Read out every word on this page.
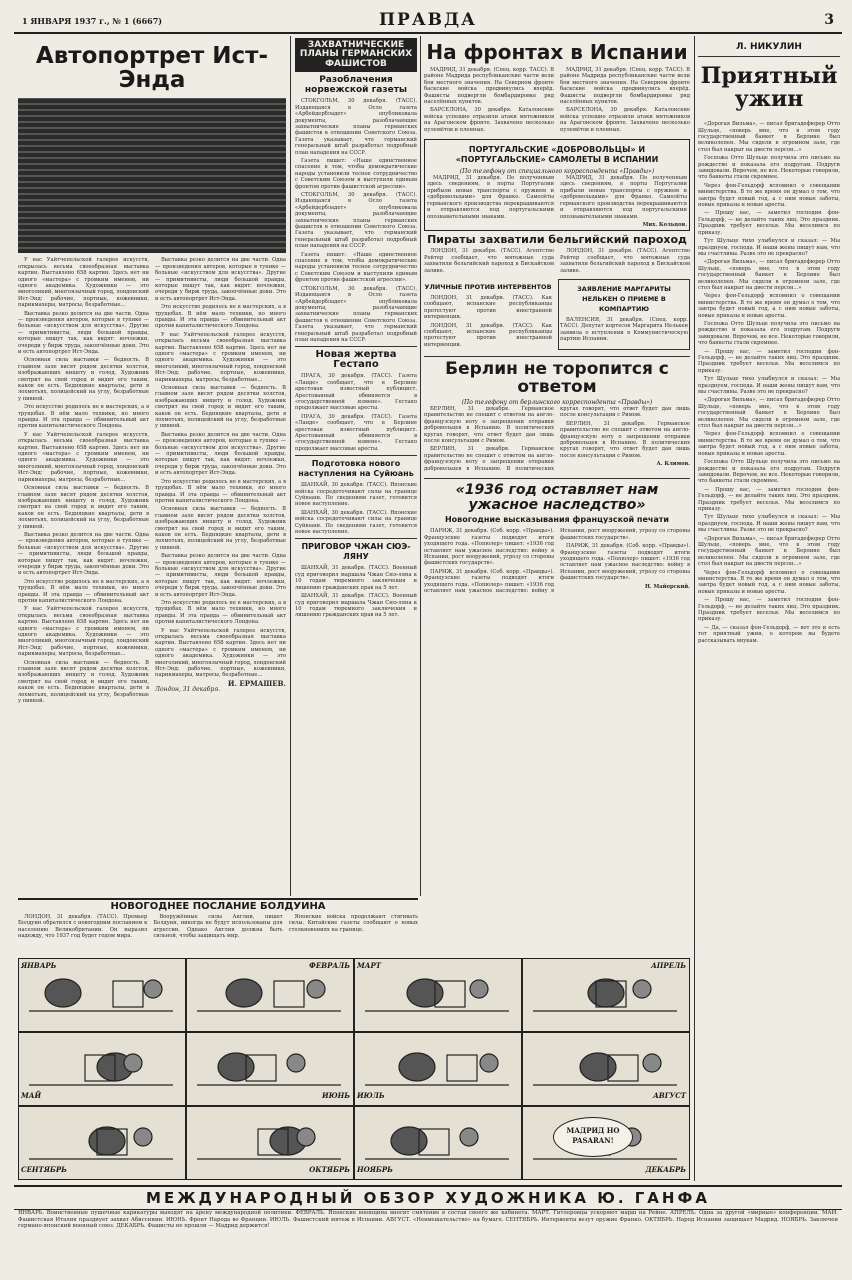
1 ЯНВАРЯ 1937 г., № 1 (6667)	ПРАВДА	3
Автопортрет Ист-Энда

У нас Уайтчепельской галерее искусств, открылась весьма своеобразная выставка картин. Выставлено 658 картин. Здесь нет ни одного «мастера» с громким именем, ни одного академика. Художники — это многоликий, многоязычный город, лондонский Ист-Энд: рабочие, портные, кожевники, парикмахеры, матросы, безработные...

Выставка резко делится на две части. Одна — произведения авторов, которые в тупике — больные «искусством для искусства». Другие — примитивисты, люди большой правды, которые пишут так, как видят: ночлежки, очереди у бирж труда, закопчённые доки. Это и есть автопортрет Ист-Энда.

Основная сила выставки — бедность. В главном зале висят рядом десятки холстов, изображающих нищету и голод. Художник смотрит на свой город и видит его таким, каков он есть. Бедняцкие кварталы, дети в лохмотьях, полицейский на углу, безработные у пивной.

Это искусство родилось не в мастерских, а в трущобах. В нём мало техники, но много правды. И эта правда — обвинительный акт против капиталистического Лондона.

У нас Уайтчепельской галерее искусств, открылась весьма своеобразная выставка картин. Выставлено 658 картин. Здесь нет ни одного «мастера» с громким именем, ни одного академика. Художники — это многоликий, многоязычный город, лондонский Ист-Энд: рабочие, портные, кожевники, парикмахеры, матросы, безработные...

Основная сила выставки — бедность. В главном зале висят рядом десятки холстов, изображающих нищету и голод. Художник смотрит на свой город и видит его таким, каков он есть. Бедняцкие кварталы, дети в лохмотьях, полицейский на углу, безработные у пивной.

Выставка резко делится на две части. Одна — произведения авторов, которые в тупике — больные «искусством для искусства». Другие — примитивисты, люди большой правды, которые пишут так, как видят: ночлежки, очереди у бирж труда, закопчённые доки. Это и есть автопортрет Ист-Энда.

Это искусство родилось не в мастерских, а в трущобах. В нём мало техники, но много правды. И эта правда — обвинительный акт против капиталистического Лондона.

У нас Уайтчепельской галерее искусств, открылась весьма своеобразная выставка картин. Выставлено 658 картин. Здесь нет ни одного «мастера» с громким именем, ни одного академика. Художники — это многоликий, многоязычный город, лондонский Ист-Энд: рабочие, портные, кожевники, парикмахеры, матросы, безработные...

Основная сила выставки — бедность. В главном зале висят рядом десятки холстов, изображающих нищету и голод. Художник смотрит на свой город и видит его таким, каков он есть. Бедняцкие кварталы, дети в лохмотьях, полицейский на углу, безработные у пивной.

Выставка резко делится на две части. Одна — произведения авторов, которые в тупике — больные «искусством для искусства». Другие — примитивисты, люди большой правды, которые пишут так, как видят: ночлежки, очереди у бирж труда, закопчённые доки. Это и есть автопортрет Ист-Энда.

Это искусство родилось не в мастерских, а в трущобах. В нём мало техники, но много правды. И эта правда — обвинительный акт против капиталистического Лондона.

У нас Уайтчепельской галерее искусств, открылась весьма своеобразная выставка картин. Выставлено 658 картин. Здесь нет ни одного «мастера» с громким именем, ни одного академика. Художники — это многоликий, многоязычный город, лондонский Ист-Энд: рабочие, портные, кожевники, парикмахеры, матросы, безработные...

Основная сила выставки — бедность. В главном зале висят рядом десятки холстов, изображающих нищету и голод. Художник смотрит на свой город и видит его таким, каков он есть. Бедняцкие кварталы, дети в лохмотьях, полицейский на углу, безработные у пивной.

Выставка резко делится на две части. Одна — произведения авторов, которые в тупике — больные «искусством для искусства». Другие — примитивисты, люди большой правды, которые пишут так, как видят: ночлежки, очереди у бирж труда, закопчённые доки. Это и есть автопортрет Ист-Энда.

Это искусство родилось не в мастерских, а в трущобах. В нём мало техники, но много правды. И эта правда — обвинительный акт против капиталистического Лондона.

Основная сила выставки — бедность. В главном зале висят рядом десятки холстов, изображающих нищету и голод. Художник смотрит на свой город и видит его таким, каков он есть. Бедняцкие кварталы, дети в лохмотьях, полицейский на углу, безработные у пивной.

Выставка резко делится на две части. Одна — произведения авторов, которые в тупике — больные «искусством для искусства». Другие — примитивисты, люди большой правды, которые пишут так, как видят: ночлежки, очереди у бирж труда, закопчённые доки. Это и есть автопортрет Ист-Энда.

Это искусство родилось не в мастерских, а в трущобах. В нём мало техники, но много правды. И эта правда — обвинительный акт против капиталистического Лондона.

У нас Уайтчепельской галерее искусств, открылась весьма своеобразная выставка картин. Выставлено 658 картин. Здесь нет ни одного «мастера» с громким именем, ни одного академика. Художники — это многоликий, многоязычный город, лондонский Ист-Энд: рабочие, портные, кожевники, парикмахеры, матросы, безработные...

И. ЕРМАШЕВ.
Лондон, 31 декабря.
ЗАХВАТНИЧЕСКИЕ ПЛАНЫ ГЕРМАНСКИХ ФАШИСТОВ
Разоблачения норвежской газеты

СТОКГОЛЬМ, 30 декабря. (ТАСС). Издающаяся в Осло газета «Арбейдербладет» опубликовала документы, разоблачающие захватнические планы германских фашистов в отношении Советского Союза. Газета указывает, что германский генеральный штаб разработал подробный план нападения на СССР.

Газета пишет: «Наше единственное спасение в том, чтобы демократические народы установили тесное сотрудничество с Советским Союзом и выступили единым фронтом против фашистской агрессии».

СТОКГОЛЬМ, 30 декабря. (ТАСС). Издающаяся в Осло газета «Арбейдербладет» опубликовала документы, разоблачающие захватнические планы германских фашистов в отношении Советского Союза. Газета указывает, что германский генеральный штаб разработал подробный план нападения на СССР.

Газета пишет: «Наше единственное спасение в том, чтобы демократические народы установили тесное сотрудничество с Советским Союзом и выступили единым фронтом против фашистской агрессии».

СТОКГОЛЬМ, 30 декабря. (ТАСС). Издающаяся в Осло газета «Арбейдербладет» опубликовала документы, разоблачающие захватнические планы германских фашистов в отношении Советского Союза. Газета указывает, что германский генеральный штаб разработал подробный план нападения на СССР.

Новая жертва Гестапо

ПРАГА, 30 декабря. (ТАСС). Газета «Ланде» сообщает, что в Берлине арестован известный публицист. Арестованный обвиняется в «государственной измене». Гестапо продолжает массовые аресты.

ПРАГА, 30 декабря. (ТАСС). Газета «Ланде» сообщает, что в Берлине арестован известный публицист. Арестованный обвиняется в «государственной измене». Гестапо продолжает массовые аресты.

Подготовка нового наступления на Суйюань

ШАНХАЙ, 30 декабря. (ТАСС). Японские войска сосредоточивают силы на границе Суйюани. По сведениям газет, готовится новое наступление.

ШАНХАЙ, 30 декабря. (ТАСС). Японские войска сосредоточивают силы на границе Суйюани. По сведениям газет, готовится новое наступление.

ПРИГОВОР ЧЖАН СЮЭ-ЛЯНУ

ШАНХАЙ, 31 декабря. (ТАСС). Военный суд приговорил маршала Чжан Сюэ-ляна к 10 годам тюремного заключения и лишению гражданских прав на 5 лет.

ШАНХАЙ, 31 декабря. (ТАСС). Военный суд приговорил маршала Чжан Сюэ-ляна к 10 годам тюремного заключения и лишению гражданских прав на 5 лет.

На фронтах в Испании

МАДРИД, 31 декабря. (Спец. корр. ТАСС). В районе Мадрида республиканские части вели бои местного значения. На Северном фронте баскские войска продвинулись вперёд. Фашисты подвергли бомбардировке ряд населённых пунктов.

БАРСЕЛОНА, 30 декабря. Каталонские войска успешно отразили атаки мятежников на Арагонском фронте. Захвачено несколько пулемётов и пленные.

МАДРИД, 31 декабря. (Спец. корр. ТАСС). В районе Мадрида республиканские части вели бои местного значения. На Северном фронте баскские войска продвинулись вперёд. Фашисты подвергли бомбардировке ряд населённых пунктов.

БАРСЕЛОНА, 30 декабря. Каталонские войска успешно отразили атаки мятежников на Арагонском фронте. Захвачено несколько пулемётов и пленные.

ПОРТУГАЛЬСКИЕ «ДОБРОВОЛЬЦЫ» И «ПОРТУГАЛЬСКИЕ» САМОЛЕТЫ В ИСПАНИИ
(По телефону от специального корреспондента «Правды»)

МАДРИД, 31 декабря. По полученным здесь сведениям, в порты Португалии прибыли новые транспорты с оружием и «добровольцами» для Франко. Самолёты германского производства перекрашиваются и отправляются под португальскими опознавательными знаками.

МАДРИД, 31 декабря. По полученным здесь сведениям, в порты Португалии прибыли новые транспорты с оружием и «добровольцами» для Франко. Самолёты германского производства перекрашиваются и отправляются под португальскими опознавательными знаками.

Мих. Кольцов.
Пираты захватили бельгийский пароход

ЛОНДОН, 31 декабря. (ТАСС). Агентство Рейтер сообщает, что мятежные суда захватили бельгийский пароход в Бискайском заливе.

ЛОНДОН, 31 декабря. (ТАСС). Агентство Рейтер сообщает, что мятежные суда захватили бельгийский пароход в Бискайском заливе.

УЛИЧНЫЕ ПРОТИВ ИНТЕРВЕНТОВ

ЛОНДОН, 31 декабря. (ТАСС). Как сообщают, испанские республиканцы протестуют против иностранной интервенции.

ЛОНДОН, 31 декабря. (ТАСС). Как сообщают, испанские республиканцы протестуют против иностранной интервенции.

ЗАЯВЛЕНИЕ МАРГАРИТЫ НЕЛЬКЕН О ПРИЕМЕ В КОМПАРТИЮ

ВАЛЕНСИЯ, 31 декабря. (Спец. корр. ТАСС). Депутат кортесов Маргарита Нелькен заявила о вступлении в Коммунистическую партию Испании.

Берлин не торопится с ответом
(По телефону от берлинского корреспондента «Правды»)

БЕРЛИН, 31 декабря. Германское правительство не спешит с ответом на англо-французскую ноту о запрещении отправки добровольцев в Испанию. В политических кругах говорят, что ответ будет дан лишь после консультации с Римом.

БЕРЛИН, 31 декабря. Германское правительство не спешит с ответом на англо-французскую ноту о запрещении отправки добровольцев в Испанию. В политических кругах говорят, что ответ будет дан лишь после консультации с Римом.

БЕРЛИН, 31 декабря. Германское правительство не спешит с ответом на англо-французскую ноту о запрещении отправки добровольцев в Испанию. В политических кругах говорят, что ответ будет дан лишь после консультации с Римом.

А. Климов.
«1936 год оставляет нам ужасное наследство»
Новогодние высказывания французской печати

ПАРИЖ, 31 декабря. (Соб. корр. «Правды»). Французские газеты подводят итоги уходящего года. «Попюлер» пишет: «1936 год оставляет нам ужасное наследство: войну в Испании, рост вооружений, угрозу со стороны фашистских государств».

ПАРИЖ, 31 декабря. (Соб. корр. «Правды»). Французские газеты подводят итоги уходящего года. «Попюлер» пишет: «1936 год оставляет нам ужасное наследство: войну в Испании, рост вооружений, угрозу со стороны фашистских государств».

ПАРИЖ, 31 декабря. (Соб. корр. «Правды»). Французские газеты подводят итоги уходящего года. «Попюлер» пишет: «1936 год оставляет нам ужасное наследство: войну в Испании, рост вооружений, угрозу со стороны фашистских государств».

Н. Майорский.
Л. НИКУЛИН
Приятный ужин

«Дорогая Вильма», — писал бригадефюрер Отто Шульце, «поверь мне, что в этом году государственный банкет в Берлине был великолепен. Мы сидели в огромном зале, где стол был накрыт на двести персон...»

Госпожа Отто Шульце получила это письмо на рождество и показала его подругам. Подруги завидовали. Впрочем, не все. Некоторые говорили, что банкеты стали скромнее.

Через фон-Гельдорф вспомнил о совещании министерства. В то же время он думал о том, что завтра будет новый год, а с ним новые заботы, новые приказы и новые аресты.

— Прошу вас, — заметил господин фон-Гельдорф, — не делайте таких лиц. Это праздник. Праздник требует веселья. Мы веселимся по приказу.

Тут Шульце тихо улыбнулся и сказал: — Мы празднуем, господа. И наши жены пишут нам, что мы счастливы. Разве это не прекрасно?

«Дорогая Вильма», — писал бригадефюрер Отто Шульце, «поверь мне, что в этом году государственный банкет в Берлине был великолепен. Мы сидели в огромном зале, где стол был накрыт на двести персон...»

Через фон-Гельдорф вспомнил о совещании министерства. В то же время он думал о том, что завтра будет новый год, а с ним новые заботы, новые приказы и новые аресты.

Госпожа Отто Шульце получила это письмо на рождество и показала его подругам. Подруги завидовали. Впрочем, не все. Некоторые говорили, что банкеты стали скромнее.

— Прошу вас, — заметил господин фон-Гельдорф, — не делайте таких лиц. Это праздник. Праздник требует веселья. Мы веселимся по приказу.

Тут Шульце тихо улыбнулся и сказал: — Мы празднуем, господа. И наши жены пишут нам, что мы счастливы. Разве это не прекрасно?

«Дорогая Вильма», — писал бригадефюрер Отто Шульце, «поверь мне, что в этом году государственный банкет в Берлине был великолепен. Мы сидели в огромном зале, где стол был накрыт на двести персон...»

Через фон-Гельдорф вспомнил о совещании министерства. В то же время он думал о том, что завтра будет новый год, а с ним новые заботы, новые приказы и новые аресты.

Госпожа Отто Шульце получила это письмо на рождество и показала его подругам. Подруги завидовали. Впрочем, не все. Некоторые говорили, что банкеты стали скромнее.

— Прошу вас, — заметил господин фон-Гельдорф, — не делайте таких лиц. Это праздник. Праздник требует веселья. Мы веселимся по приказу.

Тут Шульце тихо улыбнулся и сказал: — Мы празднуем, господа. И наши жены пишут нам, что мы счастливы. Разве это не прекрасно?

«Дорогая Вильма», — писал бригадефюрер Отто Шульце, «поверь мне, что в этом году государственный банкет в Берлине был великолепен. Мы сидели в огромном зале, где стол был накрыт на двести персон...»

Через фон-Гельдорф вспомнил о совещании министерства. В то же время он думал о том, что завтра будет новый год, а с ним новые заботы, новые приказы и новые аресты.

— Прошу вас, — заметил господин фон-Гельдорф, — не делайте таких лиц. Это праздник. Праздник требует веселья. Мы веселимся по приказу.

— Да, — сказал фон-Гельдорф, — вот это и есть тот приятный ужин, о котором вы будете рассказывать внукам.

НОВОГОДНЕЕ ПОСЛАНИЕ БОЛДУИНА

ЛОНДОН, 31 декабря. (ТАСС). Премьер Болдуин обратился с новогодним посланием к населению Великобритании. Он выразил надежду, что 1937 год будет годом мира.

Вооружённые силы Англии, пишет Болдуин, никогда не будут использованы для агрессии. Однако Англия должна быть сильной, чтобы защищать мир.

Японские войска продолжают стягивать силы. Китайские газеты сообщают о новых столкновениях на границе.

ЯНВАРЬ	ФЕВРАЛЬ МАРТ	АПРЕЛЬ
МАЙ	ИЮНЬ ИЮЛЬ	АВГУСТ
СЕНТЯБРЬ	ОКТЯБРЬ НОЯБРЬ	ДЕКАБРЬ
МАДРИД НО PASARAN!
МЕЖДУНАРОДНЫЙ ОБЗОР ХУДОЖНИКА Ю. ГАНФА
ЯНВАРЬ. Воинственные пушечные карикатуры выходят на арену международной политики. ФЕВРАЛЬ. Японские военщина вносит смятение в состав своего же кабинета. МАРТ. Гитлеровцы ускоряют марш на Рейне. АПРЕЛЬ. Одна за другой «мирные» конференции. МАЙ. Фашистская Италия празднует захват Абиссинии. ИЮНЬ. Фронт Народа во Франции. ИЮЛЬ. Фашистский мятеж в Испании. АВГУСТ. «Невмешательство» на бумаге. СЕНТЯБРЬ. Интервенты везут оружие Франко. ОКТЯБРЬ. Народ Испании защищает Мадрид. НОЯБРЬ. Заключен германо-японский военный союз. ДЕКАБРЬ. Фашисты не прошли — Мадрид держится!
